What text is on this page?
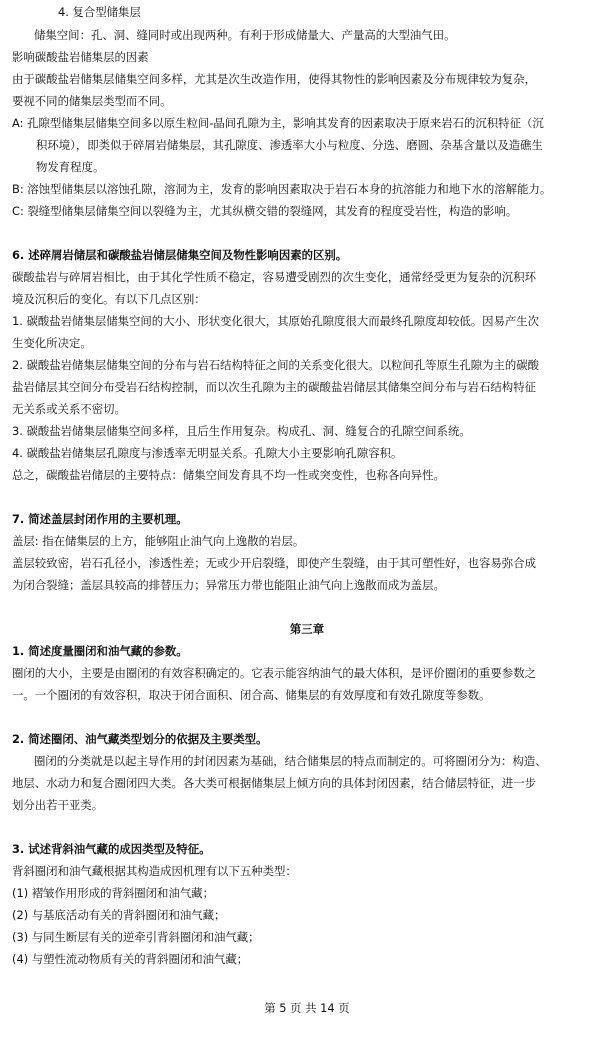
4. 复合型储集层
储集空间：孔、洞、缝同时或出现两种。有利于形成储量大、产量高的大型油气田。
影响碳酸盐岩储集层的因素
由于碳酸盐岩储集层储集空间多样，尤其是次生改造作用，使得其物性的影响因素及分布规律较为复杂，
要视不同的储集层类型而不同。
A: 孔隙型储集层储集空间多以原生粒间-晶间孔隙为主，影响其发育的因素取决于原来岩石的沉积特征（沉
积环境），即类似于碎屑岩储集层，其孔隙度、渗透率大小与粒度、分选、磨圆、杂基含量以及造礁生
物发育程度。
B: 溶蚀型储集层以溶蚀孔隙，溶洞为主，发育的影响因素取决于岩石本身的抗溶能力和地下水的溶解能力。
C: 裂缝型储集层储集空间以裂缝为主，尤其纵横交错的裂缝网，其发育的程度受岩性，构造的影响。
6. 述碎屑岩储层和碳酸盐岩储层储集空间及物性影响因素的区别。
碳酸盐岩与碎屑岩相比，由于其化学性质不稳定，容易遭受剧烈的次生变化，通常经受更为复杂的沉积环
境及沉积后的变化。有以下几点区别：
1. 碳酸盐岩储集层储集空间的大小、形状变化很大，其原始孔隙度很大而最终孔隙度却较低。因易产生次
生变化所决定。
2. 碳酸盐岩储集层储集空间的分布与岩石结构特征之间的关系变化很大。以粒间孔等原生孔隙为主的碳酸
盐岩储层其空间分布受岩石结构控制，而以次生孔隙为主的碳酸盐岩储层其储集空间分布与岩石结构特征
无关系或关系不密切。
3. 碳酸盐岩储集层储集空间多样，且后生作用复杂。构成孔、洞、缝复合的孔隙空间系统。
4. 碳酸盐岩储集层孔隙度与渗透率无明显关系。孔隙大小主要影响孔隙容积。
总之，碳酸盐岩储层的主要特点：储集空间发育具不均一性或突变性，也称各向异性。
7. 简述盖层封闭作用的主要机理。
盖层: 指在储集层的上方，能够阻止油气向上逸散的岩层。
盖层较致密，岩石孔径小，渗透性差；无或少开启裂缝，即使产生裂缝，由于其可塑性好，也容易弥合成
为闭合裂缝；盖层具较高的排替压力；异常压力带也能阻止油气向上逸散而成为盖层。
第三章
1. 简述度量圈闭和油气藏的参数。
圈闭的大小，主要是由圈闭的有效容积确定的。它表示能容纳油气的最大体积，是评价圈闭的重要参数之
一。一个圈闭的有效容积，取决于闭合面积、闭合高、储集层的有效厚度和有效孔隙度等参数。
2. 简述圈闭、油气藏类型划分的依据及主要类型。
圈闭的分类就是以起主导作用的封闭因素为基础，结合储集层的特点而制定的。可将圈闭分为：构造、
地层、水动力和复合圈闭四大类。各大类可根据储集层上倾方向的具体封闭因素，结合储层特征，进一步
划分出若干亚类。
3. 试述背斜油气藏的成因类型及特征。
背斜圈闭和油气藏根据其构造成因机理有以下五种类型：
(1) 褶皱作用形成的背斜圈闭和油气藏；
(2) 与基底活动有关的背斜圈闭和油气藏；
(3) 与同生断层有关的逆牵引背斜圈闭和油气藏；
(4) 与塑性流动物质有关的背斜圈闭和油气藏；
第 5 页 共 14 页
